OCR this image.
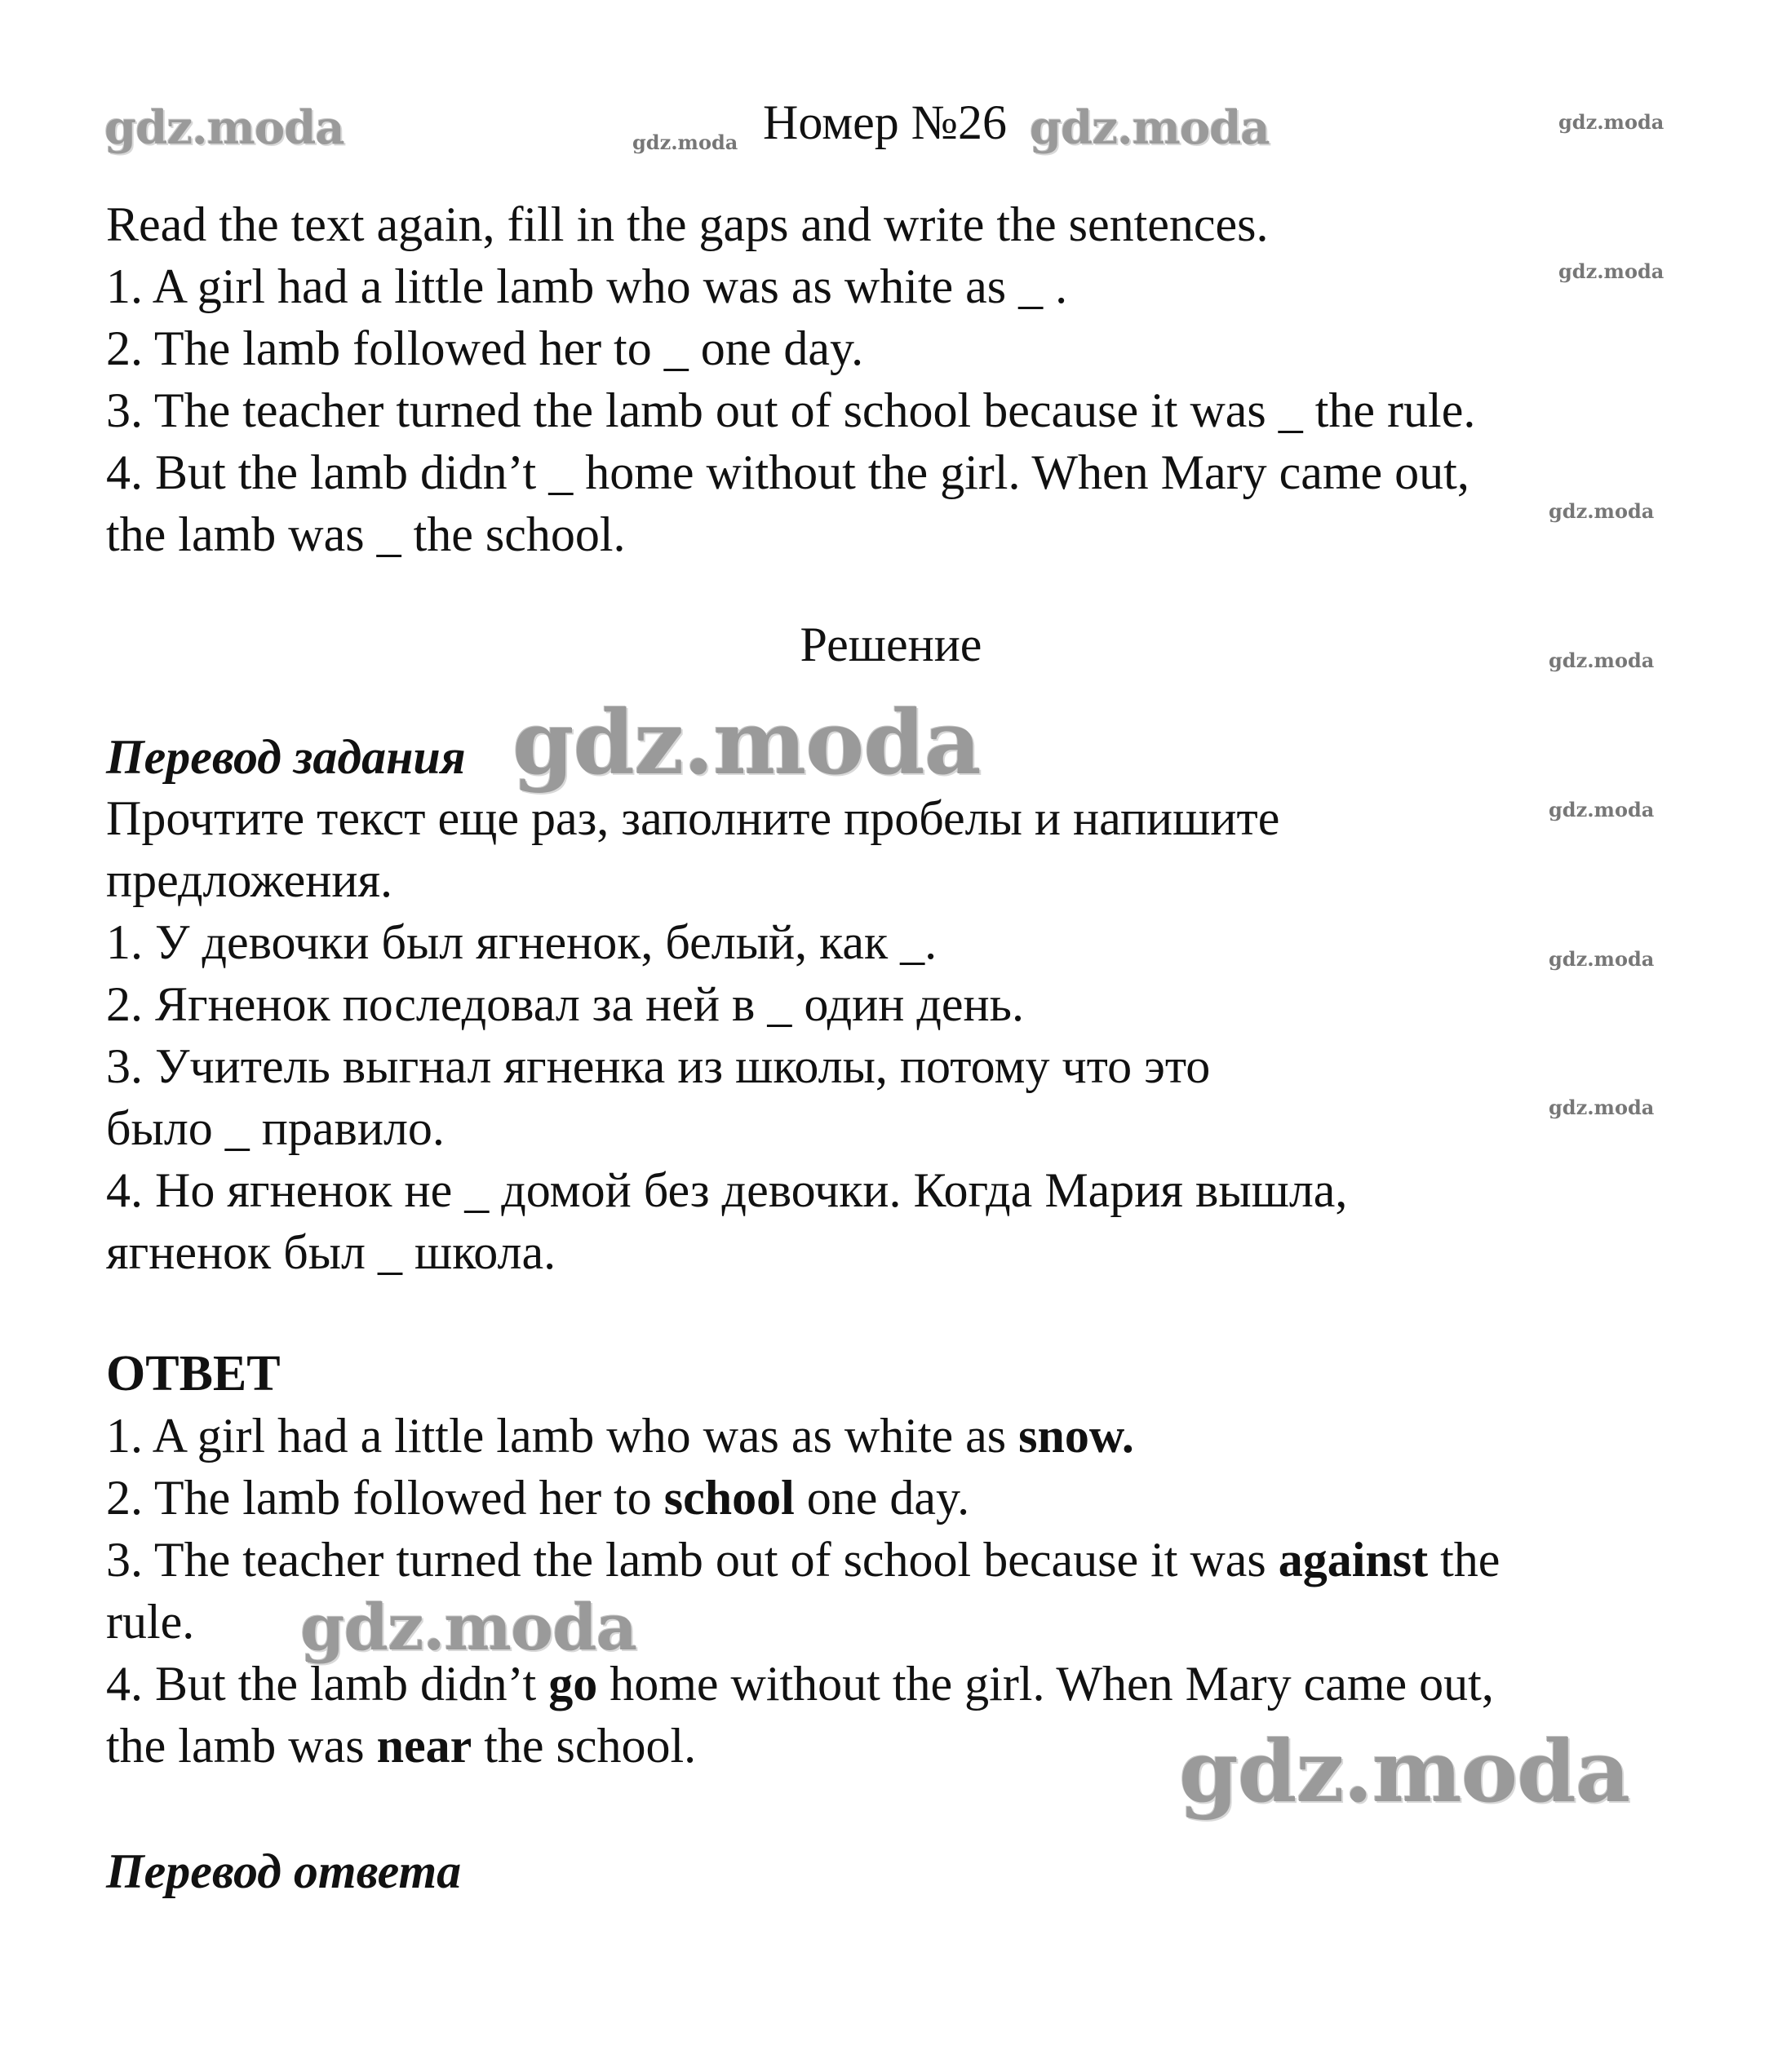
gdz.moda	gdz.moda	gdz.moda	gdz.moda
gdz.moda
gdz.moda
gdz.moda
gdz.moda
gdz.moda
gdz.moda
gdz.moda
gdz.moda
gdz.moda
Номер №26

Read the text again, fill in the gaps and write the sentences.

1. A girl had a little lamb who was as white as _ .

2. The lamb followed her to _ one day.

3. The teacher turned the lamb out of school because it was _ the rule.

4. But the lamb didn’t _ home without the girl. When Mary came out,

the lamb was _ the school.

Решение
Перевод задания

Прочтите текст еще раз, заполните пробелы и напишите

предложения.

1. У девочки был ягненок, белый, как _.

2. Ягненок последовал за ней в _ один день.

3. Учитель выгнал ягненка из школы, потому что это

было _ правило.

4. Но ягненок не _ домой без девочки. Когда Мария вышла,

ягненок был _ школа.

ОТВЕТ

1. A girl had a little lamb who was as white as snow.

2. The lamb followed her to school one day.

3. The teacher turned the lamb out of school because it was against the

rule.

4. But the lamb didn’t go home without the girl. When Mary came out,

the lamb was near the school.

Перевод ответа
